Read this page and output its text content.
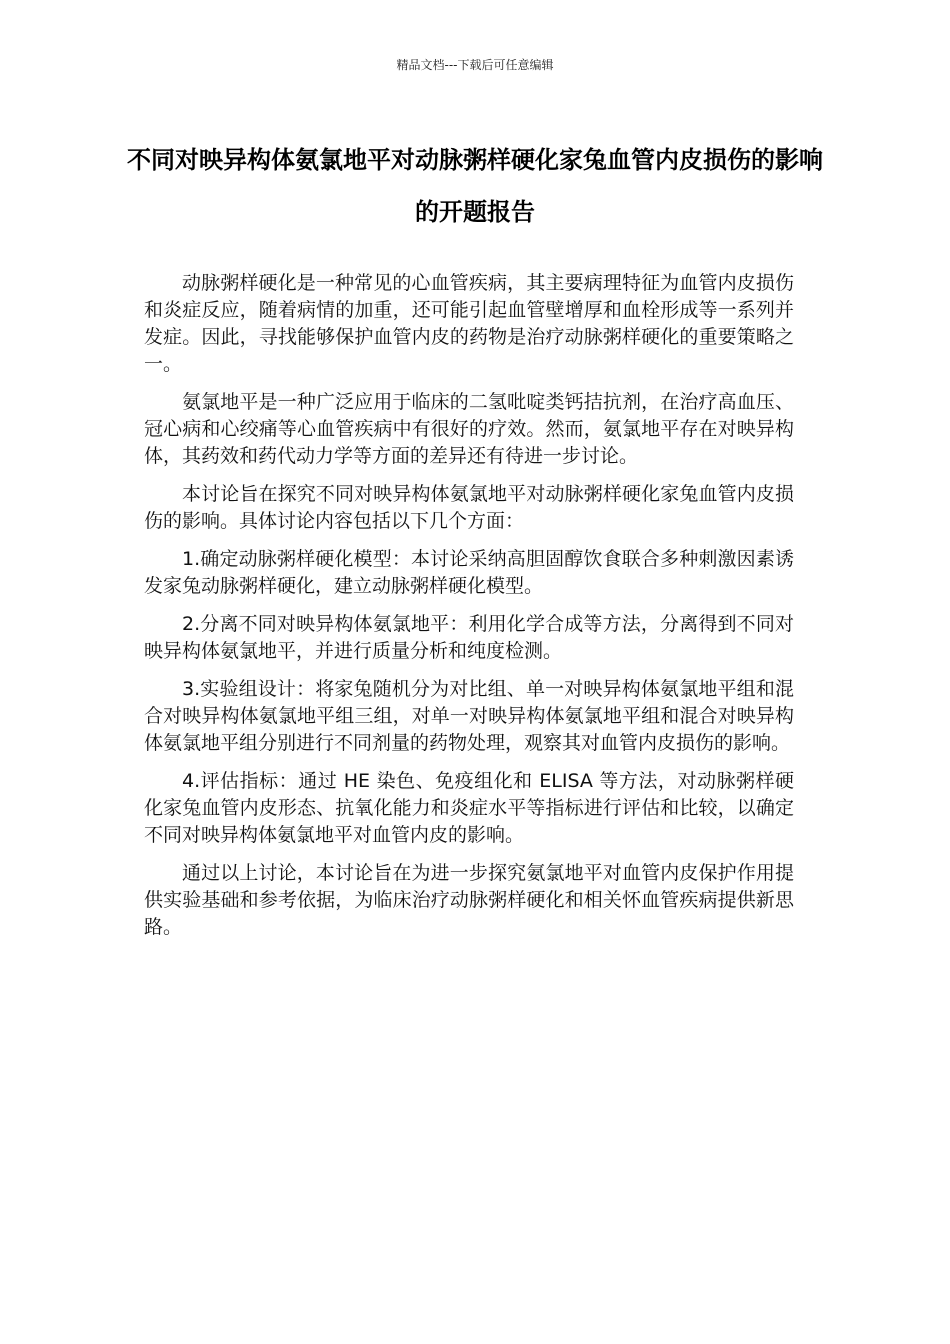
精品文档---下载后可任意编辑
不同对映异构体氨氯地平对动脉粥样硬化家兔血管内皮损伤的影响的开题报告

动脉粥样硬化是一种常见的心血管疾病，其主要病理特征为血管内皮损伤和炎症反应，随着病情的加重，还可能引起血管壁增厚和血栓形成等一系列并发症。因此，寻找能够保护血管内皮的药物是治疗动脉粥样硬化的重要策略之一。

氨氯地平是一种广泛应用于临床的二氢吡啶类钙拮抗剂，在治疗高血压、冠心病和心绞痛等心血管疾病中有很好的疗效。然而，氨氯地平存在对映异构体，其药效和药代动力学等方面的差异还有待进一步讨论。

本讨论旨在探究不同对映异构体氨氯地平对动脉粥样硬化家兔血管内皮损伤的影响。具体讨论内容包括以下几个方面：

1.确定动脉粥样硬化模型：本讨论采纳高胆固醇饮食联合多种刺激因素诱发家兔动脉粥样硬化，建立动脉粥样硬化模型。

2.分离不同对映异构体氨氯地平：利用化学合成等方法，分离得到不同对映异构体氨氯地平，并进行质量分析和纯度检测。

3.实验组设计：将家兔随机分为对比组、单一对映异构体氨氯地平组和混合对映异构体氨氯地平组三组，对单一对映异构体氨氯地平组和混合对映异构体氨氯地平组分别进行不同剂量的药物处理，观察其对血管内皮损伤的影响。

4.评估指标：通过 HE 染色、免疫组化和 ELISA 等方法，对动脉粥样硬化家兔血管内皮形态、抗氧化能力和炎症水平等指标进行评估和比较，以确定不同对映异构体氨氯地平对血管内皮的影响。

通过以上讨论，本讨论旨在为进一步探究氨氯地平对血管内皮保护作用提供实验基础和参考依据，为临床治疗动脉粥样硬化和相关怀血管疾病提供新思路。
